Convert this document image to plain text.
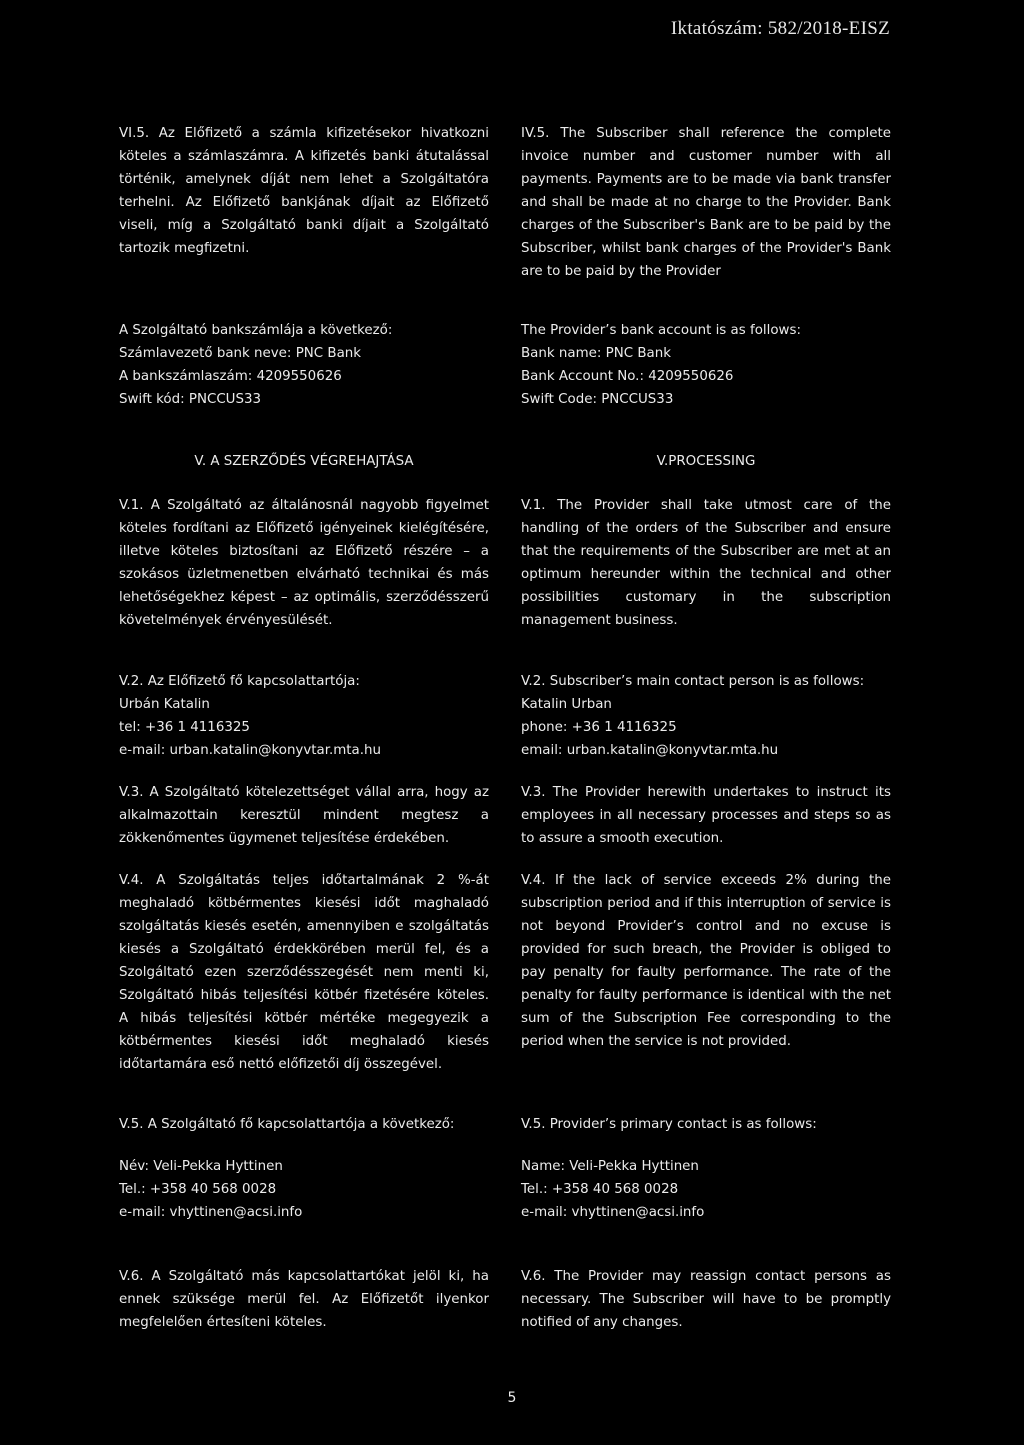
Iktatószám: 582/2018-EISZ

VI.5. Az Előfizető a számla kifizetésekor hivatkozni köteles a számlaszámra. A kifizetés banki átutalással történik, amelynek díját nem lehet a Szolgáltatóra terhelni. Az Előfizető bankjának díjait az Előfizető viseli, míg a Szolgáltató banki díjait a Szolgáltató tartozik megfizetni.

IV.5. The Subscriber shall reference the complete invoice number and customer number with all payments. Payments are to be made via bank transfer and shall be made at no charge to the Provider. Bank charges of the Subscriber's Bank are to be paid by the Subscriber, whilst bank charges of the Provider's Bank are to be paid by the Provider

A Szolgáltató bankszámlája a következő:

Számlavezető bank neve: PNC Bank

A bankszámlaszám: 4209550626

Swift kód: PNCCUS33

The Provider’s bank account is as follows:

Bank name: PNC Bank

Bank Account No.: 4209550626

Swift Code: PNCCUS33

V. A SZERZŐDÉS VÉGREHAJTÁSA	V.PROCESSING

V.1. A Szolgáltató az általánosnál nagyobb figyelmet köteles fordítani az Előfizető igényeinek kielégítésére, illetve köteles biztosítani az Előfizető részére – a szokásos üzletmenetben elvárható technikai és más lehetőségekhez képest – az optimális, szerződésszerű követelmények érvényesülését.

V.1. The Provider shall take utmost care of the handling of the orders of the Subscriber and ensure that the requirements of the Subscriber are met at an optimum hereunder within the technical and other possibilities customary in the subscription management business.

V.2. Az Előfizető fő kapcsolattartója:

Urbán Katalin

tel: +36 1 4116325

e-mail: urban.katalin@konyvtar.mta.hu

V.2. Subscriber’s main contact person is as follows:

Katalin Urban

phone: +36 1 4116325

email: urban.katalin@konyvtar.mta.hu

V.3. A Szolgáltató kötelezettséget vállal arra, hogy az alkalmazottain keresztül mindent megtesz a zökkenőmentes ügymenet teljesítése érdekében.

V.3. The Provider herewith undertakes to instruct its employees in all necessary processes and steps so as to assure a smooth execution.

V.4. A Szolgáltatás teljes időtartalmának 2 %-át meghaladó kötbérmentes kiesési időt maghaladó szolgáltatás kiesés esetén, amennyiben e szolgáltatás kiesés a Szolgáltató érdekkörében merül fel, és a Szolgáltató ezen szerződésszegését nem menti ki, Szolgáltató hibás teljesítési kötbér fizetésére köteles. A hibás teljesítési kötbér mértéke megegyezik a kötbérmentes kiesési időt meghaladó kiesés időtartamára eső nettó előfizetői díj összegével.

V.4. If the lack of service exceeds 2% during the subscription period and if this interruption of service is not beyond Provider’s control and no excuse is provided for such breach, the Provider is obliged to pay penalty for faulty performance. The rate of the penalty for faulty performance is identical with the net sum of the Subscription Fee corresponding to the period when the service is not provided.

V.5. A Szolgáltató fő kapcsolattartója a következő:	V.5. Provider’s primary contact is as follows:

Név: Veli-Pekka Hyttinen

Tel.: +358 40 568 0028

e-mail: vhyttinen@acsi.info

Name: Veli-Pekka Hyttinen

Tel.: +358 40 568 0028

e-mail: vhyttinen@acsi.info

V.6. A Szolgáltató más kapcsolattartókat jelöl ki, ha ennek szüksége merül fel. Az Előfizetőt ilyenkor megfelelően értesíteni köteles.

V.6. The Provider may reassign contact persons as necessary. The Subscriber will have to be promptly notified of any changes.

5
